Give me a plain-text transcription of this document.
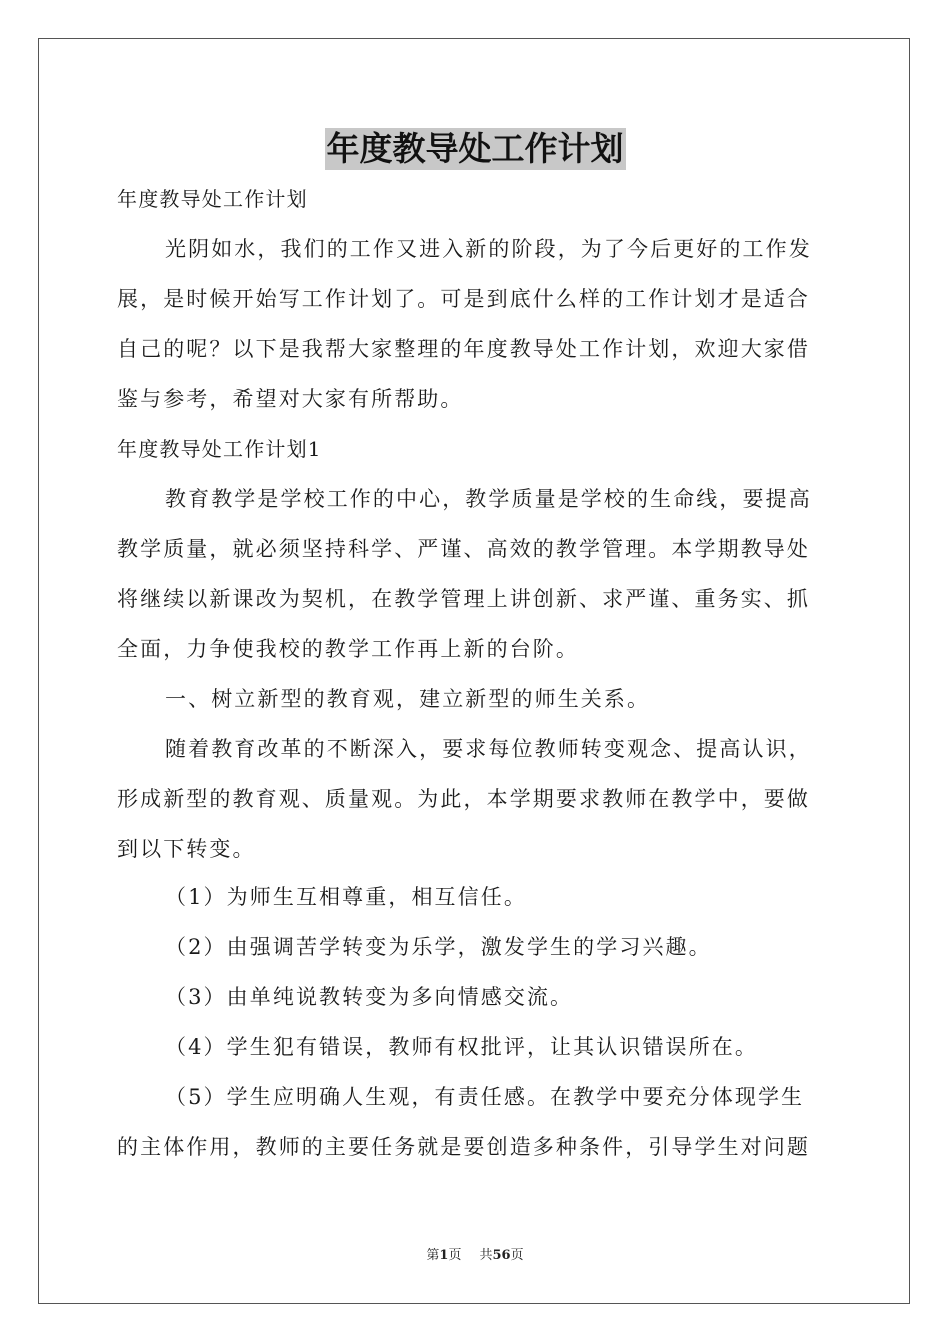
年度教导处工作计划
年度教导处工作计划
光阴如水，我们的工作又进入新的阶段，为了今后更好的工作发
展，是时候开始写工作计划了。可是到底什么样的工作计划才是适合
自己的呢？以下是我帮大家整理的年度教导处工作计划，欢迎大家借
鉴与参考，希望对大家有所帮助。
年度教导处工作计划1
教育教学是学校工作的中心，教学质量是学校的生命线，要提高
教学质量，就必须坚持科学、严谨、高效的教学管理。本学期教导处
将继续以新课改为契机，在教学管理上讲创新、求严谨、重务实、抓
全面，力争使我校的教学工作再上新的台阶。
一、树立新型的教育观，建立新型的师生关系。
随着教育改革的不断深入，要求每位教师转变观念、提高认识，
形成新型的教育观、质量观。为此，本学期要求教师在教学中，要做
到以下转变。
（1）为师生互相尊重，相互信任。
（2）由强调苦学转变为乐学，激发学生的学习兴趣。
（3）由单纯说教转变为多向情感交流。
（4）学生犯有错误，教师有权批评，让其认识错误所在。
（5）学生应明确人生观，有责任感。在教学中要充分体现学生
的主体作用，教师的主要任务就是要创造多种条件，引导学生对问题
第1页 共56页
